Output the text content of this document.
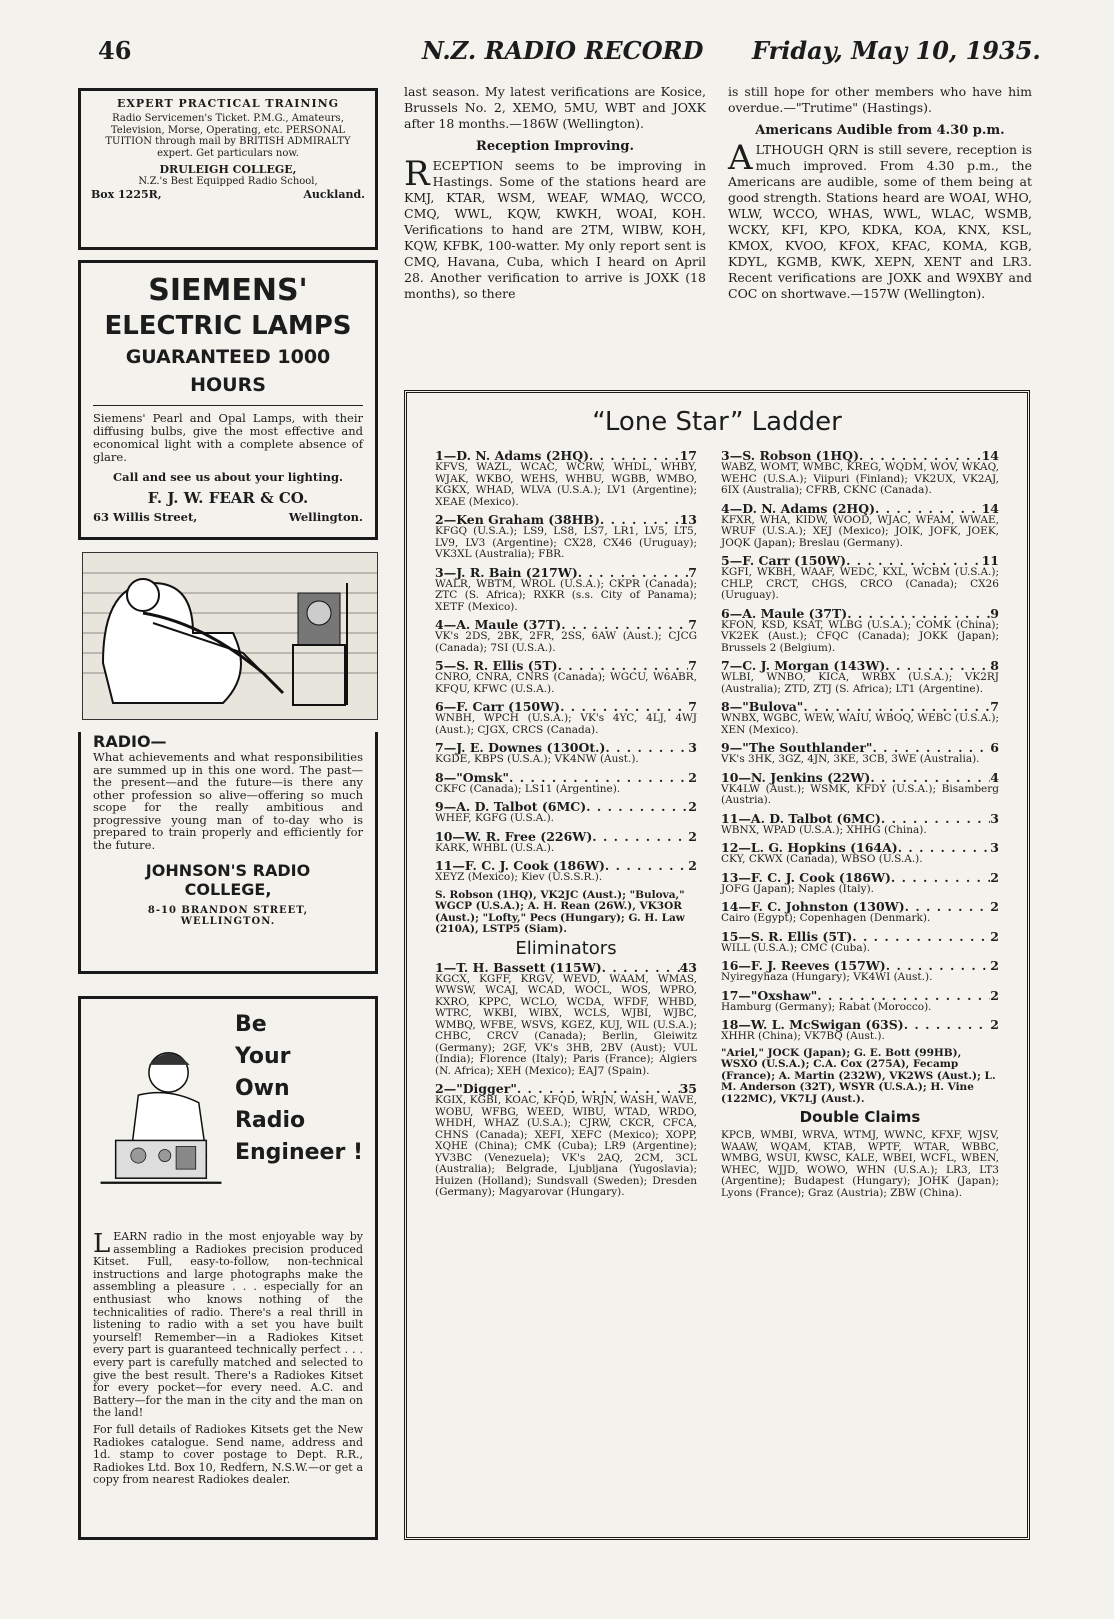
46	N.Z. RADIO RECORD Friday, May 10, 1935.
EXPERT PRACTICAL TRAINING
Radio Servicemen's Ticket. P.M.G., Amateurs, Television, Morse, Operating, etc. PERSONAL TUITION through mail by BRITISH ADMIRALTY expert. Get particulars now.
DRULEIGH COLLEGE,
N.Z.'s Best Equipped Radio School,
Box 1225R,	Auckland.
SIEMENS'
ELECTRIC LAMPS
GUARANTEED 1000 HOURS
Siemens' Pearl and Opal Lamps, with their diffusing bulbs, give the most effective and economical light with a complete absence of glare.
Call and see us about your lighting.
F. J. W. FEAR & CO.
63 Willis Street,	Wellington.
RADIO—
What achievements and what responsibilities are summed up in this one word. The past—the present—and the future—is there any other profession so alive—offering so much scope for the really ambitious and progressive young man of to-day who is prepared to train properly and efficiently for the future.
JOHNSON'S RADIO
COLLEGE,
8-10 BRANDON STREET,
WELLINGTON.
Be
Your
Own
Radio
Engineer !
LEARN radio in the most enjoyable way by assembling a Radiokes precision produced Kitset. Full, easy-to-follow, non-technical instructions and large photographs make the assembling a pleasure . . . especially for an enthusiast who knows nothing of the technicalities of radio. There's a real thrill in listening to radio with a set you have built yourself! Remember—in a Radiokes Kitset every part is guaranteed technically perfect . . . every part is carefully matched and selected to give the best result. There's a Radiokes Kitset for every pocket—for every need. A.C. and Battery—for the man in the city and the man on the land!
For full details of Radiokes Kitsets get the New Radiokes catalogue. Send name, address and 1d. stamp to cover postage to Dept. R.R., Radiokes Ltd. Box 10, Redfern, N.S.W.—or get a copy from nearest Radiokes dealer.

last season. My latest verifications are Kosice, Brussels No. 2, XEMO, 5MU, WBT and JOXK after 18 months.—186W (Wellington).

Reception Improving.

RECEPTION seems to be improving in Hastings. Some of the stations heard are KMJ, KTAR, WSM, WEAF, WMAQ, WCCO, CMQ, WWL, KQW, KWKH, WOAI, KOH. Verifications to hand are 2TM, WIBW, KOH, KQW, KFBK, 100-watter. My only report sent is CMQ, Havana, Cuba, which I heard on April 28. Another verification to arrive is JOXK (18 months), so there

is still hope for other members who have him overdue.—"Trutime" (Hastings).

Americans Audible from 4.30 p.m.

ALTHOUGH QRN is still severe, reception is much improved. From 4.30 p.m., the Americans are audible, some of them being at good strength. Stations heard are WOAI, WHO, WLW, WCCO, WHAS, WWL, WLAC, WSMB, WCKY, KFI, KPO, KDKA, KOA, KNX, KSL, KMOX, KVOO, KFOX, KFAC, KOMA, KGB, KDYL, KGMB, KWK, XEPN, XENT and LR3. Recent verifications are JOXK and W9XBY and COC on shortwave.—157W (Wellington).

“Lone Star” Ladder
1—D. N. Adams (2HQ) . . .	17
KFVS, WAZL, WCAC, WCRW, WHDL, WHBY, WJAK, WKBO, WEHS, WHBU, WGBB, WMBO, KGKX, WHAD, WLVA (U.S.A.); LV1 (Argentine); XEAE (Mexico).
2—Ken Graham (38HB) . . .	13
KFGQ (U.S.A.); LS9, LS8, LS7, LR1, LV5, LT5, LV9, LV3 (Argentine); CX28, CX46 (Uruguay); VK3XL (Australia); FBR.
3—J. R. Bain (217W) . . .	7
WALR, WBTM, WROL (U.S.A.); CKPR (Canada); ZTC (S. Africa); RXKR (s.s. City of Panama); XETF (Mexico).
4—A. Maule (37T) . . .	7
VK's 2DS, 2BK, 2FR, 2SS, 6AW (Aust.); CJCG (Canada); 7SI (U.S.A.).
5—S. R. Ellis (5T) . . .	7
CNRO, CNRA, CNRS (Canada); WGCU, W6ABR, KFQU, KFWC (U.S.A.).
6—F. Carr (150W) . . .	7
WNBH, WPCH (U.S.A.); VK's 4YC, 4LJ, 4WJ (Aust.); CJGX, CRCS (Canada).
7—J. E. Downes (130Ot.) . . .	3
KGDE, KBPS (U.S.A.); VK4NW (Aust.).
8—"Omsk" . . .	2
CKFC (Canada); LS11 (Argentine).
9—A. D. Talbot (6MC) . . .	2
WHEF, KGFG (U.S.A.).
10—W. R. Free (226W) . . .	2
KARK, WHBL (U.S.A.).
11—F. C. J. Cook (186W) . . .	2
XEYZ (Mexico); Kiev (U.S.S.R.).
S. Robson (1HQ), VK2JC (Aust.); "Bulova," WGCP (U.S.A.); A. H. Rean (26W.), VK3OR (Aust.); "Lofty," Pecs (Hungary); G. H. Law (210A), LSTP5 (Siam).
Eliminators
1—T. H. Bassett (115W) . . .	43
KGCX, KGFF, KRGV, WEVD, WAAM, WMAS, WWSW, WCAJ, WCAD, WOCL, WOS, WPRO, KXRO, KPPC, WCLO, WCDA, WFDF, WHBD, WTRC, WKBI, WIBX, WCLS, WJBI, WJBC, WMBQ, WFBE, WSVS, KGEZ, KUJ, WIL (U.S.A.); CHBC, CRCV (Canada); Berlin, Gleiwitz (Germany); 2GF, VK's 3HB, 2BV (Aust); VUL (India); Florence (Italy); Paris (France); Algiers (N. Africa); XEH (Mexico); EAJ7 (Spain).
2—"Digger" . . .	35
KGIX, KGBI, KOAC, KFQD, WRJN, WASH, WAVE, WOBU, WFBG, WEED, WIBU, WTAD, WRDO, WHDH, WHAZ (U.S.A.); CJRW, CKCR, CFCA, CHNS (Canada); XEFI, XEFC (Mexico); XOPP, XQHE (China); CMK (Cuba); LR9 (Argentine); YV3BC (Venezuela); VK's 2AQ, 2CM, 3CL (Australia); Belgrade, Ljubljana (Yugoslavia); Huizen (Holland); Sundsvall (Sweden); Dresden (Germany); Magyarovar (Hungary).
3—S. Robson (1HQ) . . .	14
WABZ, WOMT, WMBC, KREG, WQDM, WOV, WKAQ, WEHC (U.S.A.); Viipuri (Finland); VK2UX, VK2AJ, 6IX (Australia); CFRB, CKNC (Canada).
4—D. N. Adams (2HQ) . . .	14
KFXR, WHA, KIDW, WOOD, WJAC, WFAM, WWAE, WRUF (U.S.A.); XEJ (Mexico); JOIK, JOFK, JOEK, JOQK (Japan); Breslau (Germany).
5—F. Carr (150W) . . .	11
KGFI, WKBH, WAAF, WEDC, KXL, WCBM (U.S.A.); CHLP, CRCT, CHGS, CRCO (Canada); CX26 (Uruguay).
6—A. Maule (37T) . . .	9
KFON, KSD, KSAT, WLBG (U.S.A.); COMK (China); VK2EK (Aust.); CFQC (Canada); JOKK (Japan); Brussels 2 (Belgium).
7—C. J. Morgan (143W) . . .	8
WLBI, WNBO, KICA, WRBX (U.S.A.); VK2RJ (Australia); ZTD, ZTJ (S. Africa); LT1 (Argentine).
8—"Bulova" . . .	7
WNBX, WGBC, WEW, WAIU, WBOQ, WEBC (U.S.A.); XEN (Mexico).
9—"The Southlander" . . .	6
VK's 3HK, 3GZ, 4JN, 3KE, 3CB, 3WE (Australia).
10—N. Jenkins (22W) . . .	4
VK4LW (Aust.); WSMK, KFDY (U.S.A.); Bisamberg (Austria).
11—A. D. Talbot (6MC) . . .	3
WBNX, WPAD (U.S.A.); XHHG (China).
12—L. G. Hopkins (164A) . . .	3
CKY, CKWX (Canada), WBSO (U.S.A.).
13—F. C. J. Cook (186W) . . .	2
JOFG (Japan); Naples (Italy).
14—F. C. Johnston (130W) . . .	2
Cairo (Egypt); Copenhagen (Denmark).
15—S. R. Ellis (5T) . . .	2
WILL (U.S.A.); CMC (Cuba).
16—F. J. Reeves (157W) . . .	2
Nyiregyhaza (Hungary); VK4WI (Aust.).
17—"Oxshaw" . . .	2
Hamburg (Germany); Rabat (Morocco).
18—W. L. McSwigan (63S) . . .	2
XHHR (China); VK7BQ (Aust.).
"Ariel," JOCK (Japan); G. E. Bott (99HB), WSXO (U.S.A.); C.A. Cox (275A), Fecamp (France); A. Martin (232W), VK2WS (Aust.); L. M. Anderson (32T), WSYR (U.S.A.); H. Vine (122MC), VK7LJ (Aust.).
Double Claims
KPCB, WMBI, WRVA, WTMJ, WWNC, KFXF, WJSV, WAAW, WQAM, KTAB, WPTF, WTAR, WBBC, WMBG, WSUI, KWSC, KALE, WBEI, WCFL, WBEN, WHEC, WJJD, WOWO, WHN (U.S.A.); LR3, LT3 (Argentine); Budapest (Hungary); JOHK (Japan); Lyons (France); Graz (Austria); ZBW (China).
